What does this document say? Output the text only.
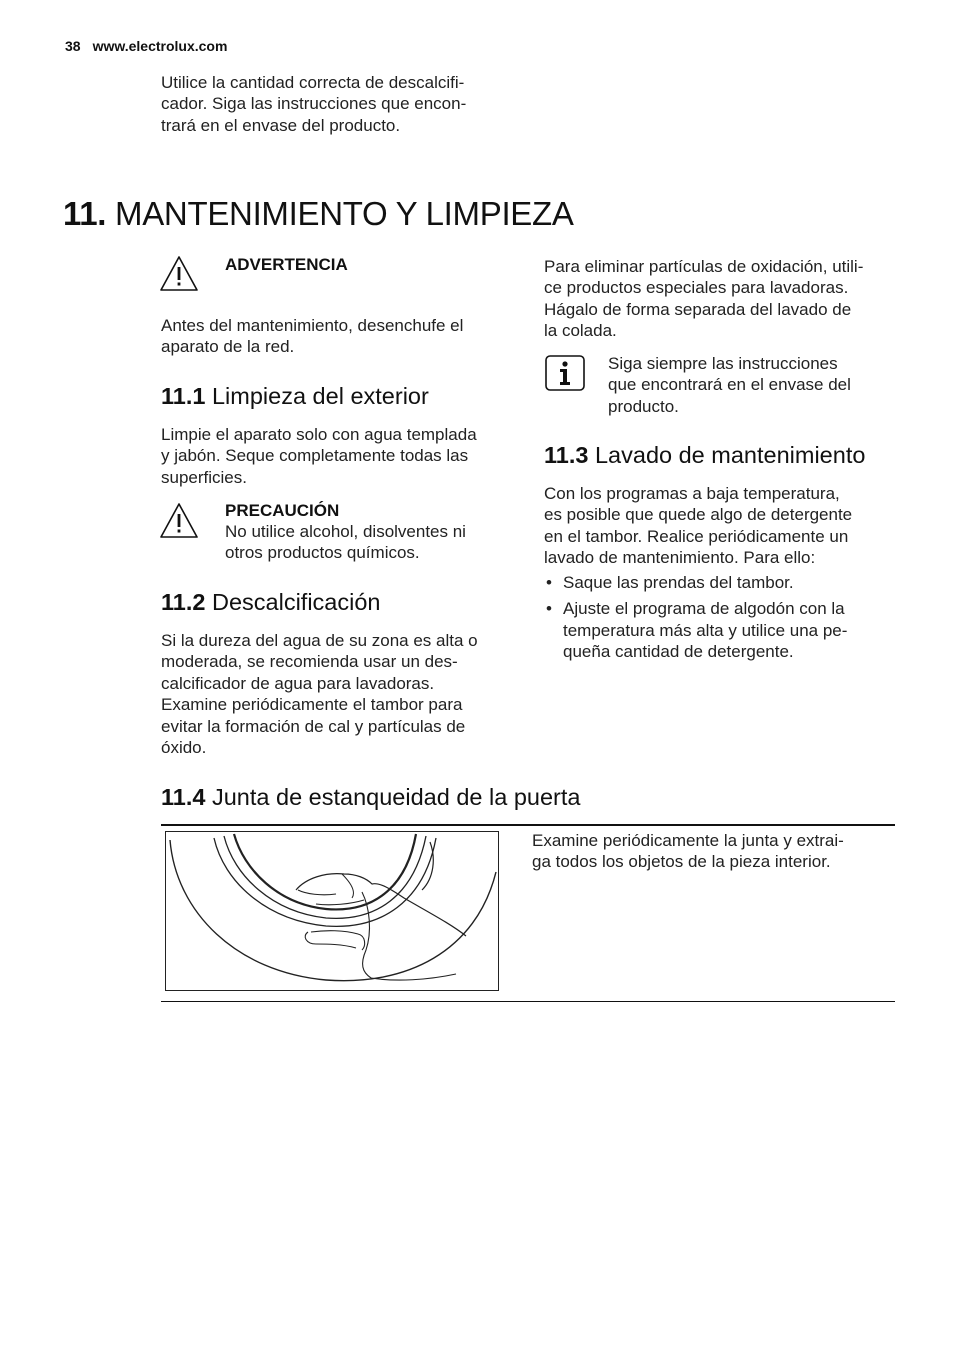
38 www.electrolux.com
Utilice la cantidad correcta de descalcifi-
cador. Siga las instrucciones que encon-
trará en el envase del producto.
11. MANTENIMIENTO Y LIMPIEZA
ADVERTENCIA
Antes del mantenimiento, desenchufe el
aparato de la red.
11.1 Limpieza del exterior
Limpie el aparato solo con agua templada
y jabón. Seque completamente todas las
superficies.
PRECAUCIÓN
No utilice alcohol, disolventes ni
otros productos químicos.
11.2 Descalcificación
Si la dureza del agua de su zona es alta o
moderada, se recomienda usar un des-
calcificador de agua para lavadoras.
Examine periódicamente el tambor para
evitar la formación de cal y partículas de
óxido.
Para eliminar partículas de oxidación, utili-
ce productos especiales para lavadoras.
Hágalo de forma separada del lavado de
la colada.
Siga siempre las instrucciones
que encontrará en el envase del
producto.
11.3 Lavado de mantenimiento
Con los programas a baja temperatura,
es posible que quede algo de detergente
en el tambor. Realice periódicamente un
lavado de mantenimiento. Para ello:
• Saque las prendas del tambor.
• Ajuste el programa de algodón con la
temperatura más alta y utilice una pe-
queña cantidad de detergente.
11.4 Junta de estanqueidad de la puerta
Examine periódicamente la junta y extrai-
ga todos los objetos de la pieza interior.
